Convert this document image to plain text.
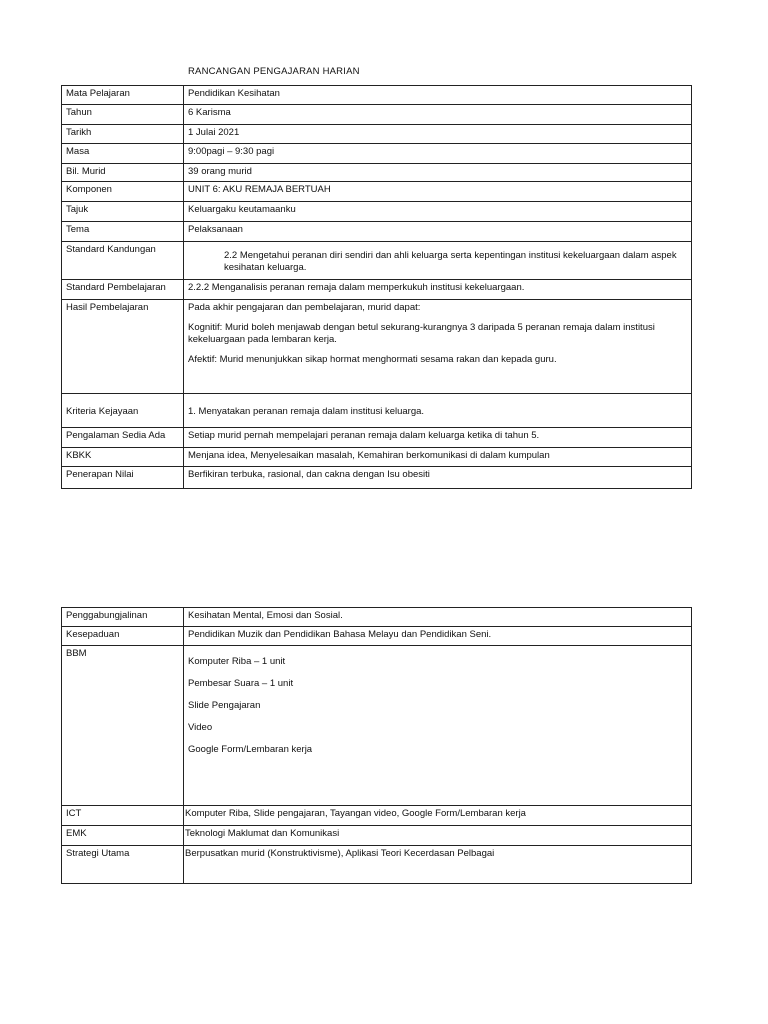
RANCANGAN PENGAJARAN HARIAN
Mata Pelajaran	Pendidikan Kesihatan
Tahun	6 Karisma
Tarikh	1 Julai 2021
Masa	9:00pagi – 9:30 pagi
Bil. Murid	39 orang murid
Komponen	UNIT 6: AKU REMAJA BERTUAH
Tajuk	Keluargaku keutamaanku
Tema	Pelaksanaan
Standard Kandungan	2.2 Mengetahui peranan diri sendiri dan ahli keluarga serta kepentingan institusi kekeluargaan dalam aspek kesihatan keluarga.

Standard Pembelajaran	2.2.2 Menganalisis peranan remaja dalam memperkukuh institusi kekeluargaan.
Hasil Pembelajaran	Pada akhir pengajaran dan pembelajaran, murid dapat:

Kognitif: Murid boleh menjawab dengan betul sekurang-kurangnya 3 daripada 5 peranan remaja dalam institusi kekeluargaan pada lembaran kerja.

Afektif: Murid menunjukkan sikap hormat menghormati sesama rakan dan kepada guru.

Kriteria Kejayaan	1. Menyatakan peranan remaja dalam institusi keluarga.
Pengalaman Sedia Ada	Setiap murid pernah mempelajari peranan remaja dalam keluarga ketika di tahun 5.
KBKK	Menjana idea, Menyelesaikan masalah, Kemahiran berkomunikasi di dalam kumpulan
Penerapan Nilai	Berfikiran terbuka, rasional, dan cakna dengan Isu obesiti
Penggabungjalinan	Kesihatan Mental, Emosi dan Sosial.
Kesepaduan	Pendidikan Muzik dan Pendidikan Bahasa Melayu dan Pendidikan Seni.
BBM	Komputer Riba – 1 unit
Pembesar Suara – 1 unit
Slide Pengajaran
Video
Google Form/Lembaran kerja

ICT	Komputer Riba, Slide pengajaran, Tayangan video, Google Form/Lembaran kerja
EMK	Teknologi Maklumat dan Komunikasi
Strategi Utama	Berpusatkan murid (Konstruktivisme), Aplikasi Teori Kecerdasan Pelbagai
